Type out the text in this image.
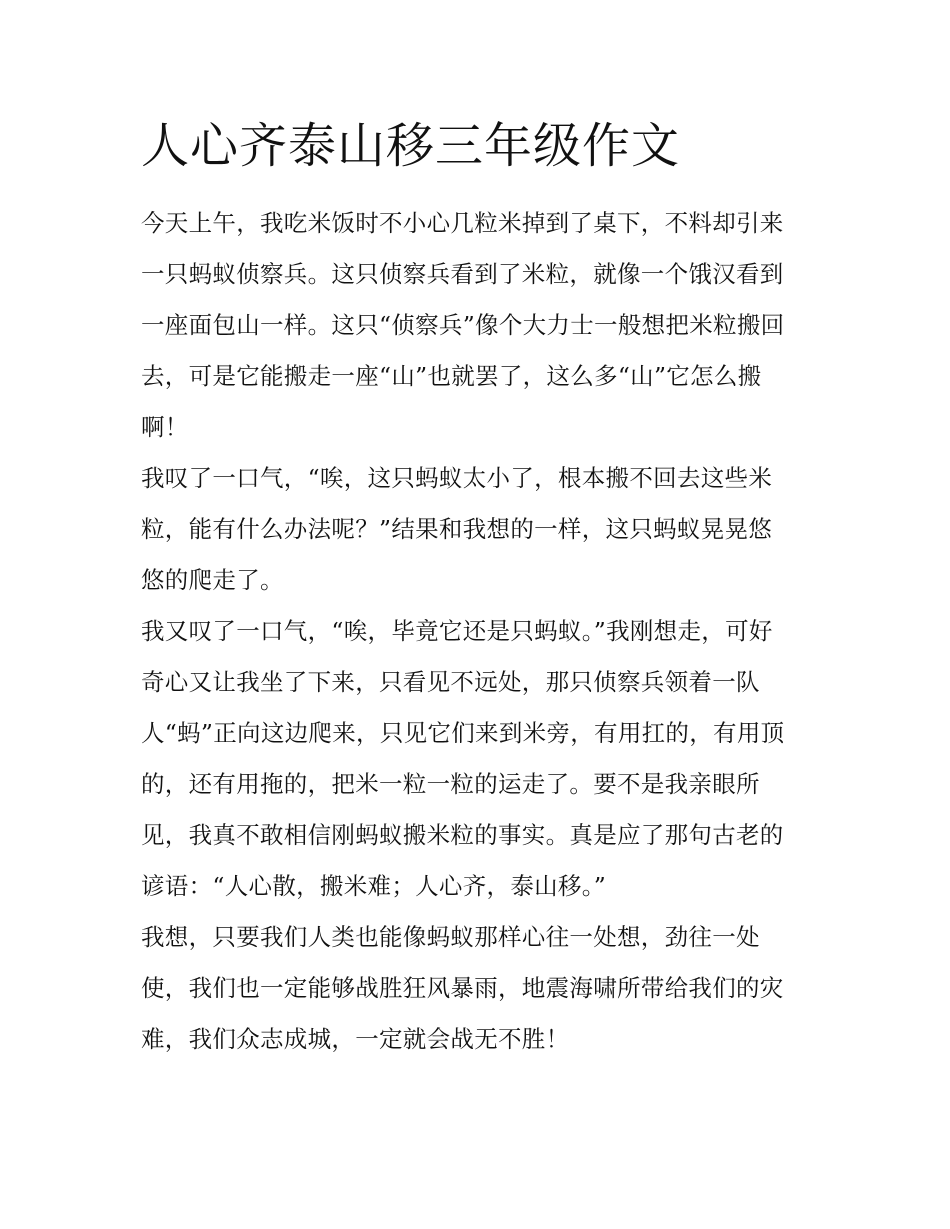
人心齐泰山移三年级作文
今天上午，我吃米饭时不小心几粒米掉到了桌下，不料却引来
一只蚂蚁侦察兵。这只侦察兵看到了米粒，就像一个饿汉看到
一座面包山一样。这只“侦察兵”像个大力士一般想把米粒搬回
去，可是它能搬走一座“山”也就罢了，这么多“山”它怎么搬
啊！
我叹了一口气，“唉，这只蚂蚁太小了，根本搬不回去这些米
粒，能有什么办法呢？”结果和我想的一样，这只蚂蚁晃晃悠
悠的爬走了。
我又叹了一口气，“唉，毕竟它还是只蚂蚁。”我刚想走，可好
奇心又让我坐了下来，只看见不远处，那只侦察兵领着一队
人“蚂”正向这边爬来，只见它们来到米旁，有用扛的，有用顶
的，还有用拖的，把米一粒一粒的运走了。要不是我亲眼所
见，我真不敢相信刚蚂蚁搬米粒的事实。真是应了那句古老的
谚语：“人心散，搬米难；人心齐，泰山移。”
我想，只要我们人类也能像蚂蚁那样心往一处想，劲往一处
使，我们也一定能够战胜狂风暴雨，地震海啸所带给我们的灾
难，我们众志成城，一定就会战无不胜！
